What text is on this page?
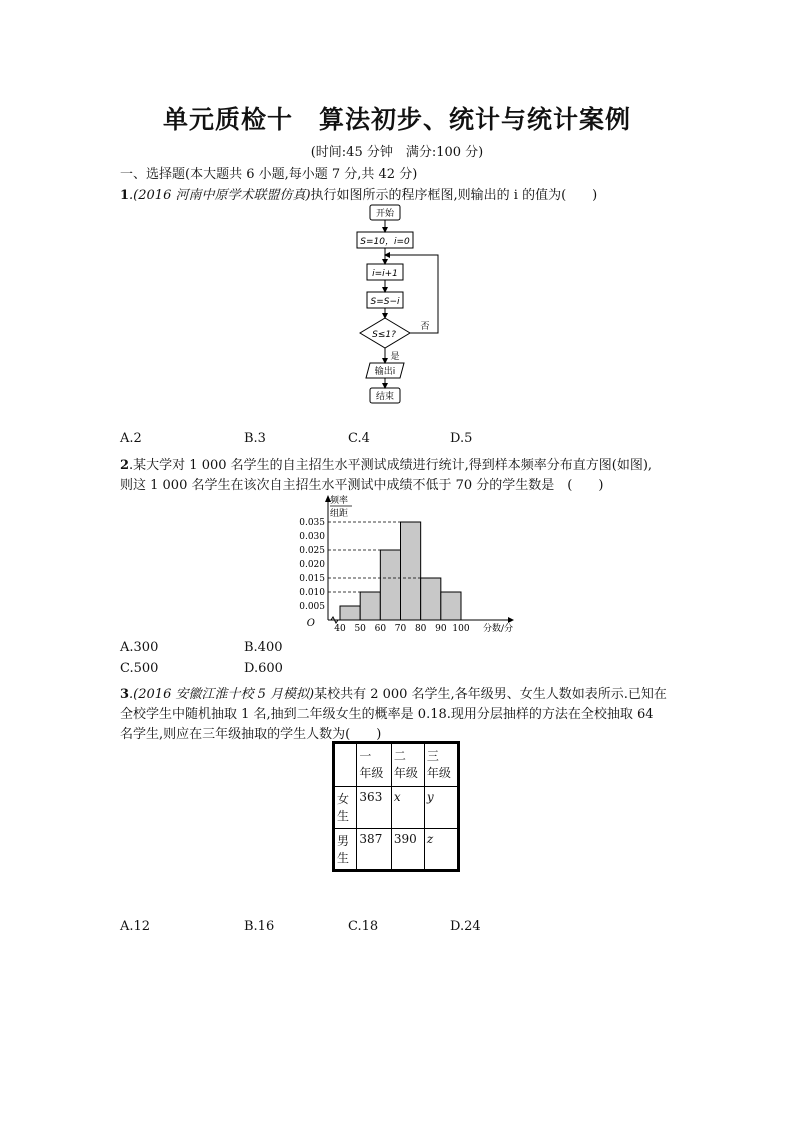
单元质检十　算法初步、统计与统计案例
(时间:45 分钟　满分:100 分)
一、选择题(本大题共 6 小题,每小题 7 分,共 42 分)
1.(2016 河南中原学术联盟仿真)执行如图所示的程序框图,则输出的 i 的值为(　　)
开始
S=10，i=0
i=i+1
S=S−i
S≤1?
否
是
输出i
结束
A.2	B.3	C.4	D.5
2.某大学对 1 000 名学生的自主招生水平测试成绩进行统计,得到样本频率分布直方图(如图),
则这 1 000 名学生在该次自主招生水平测试中成绩不低于 70 分的学生数是　(　　)
0.005
0.010
0.015
0.020
0.025
0.030
0.035
40 50 60 70 80 90 100
O
频率
组距
分数/分
A.300	B.400
C.500	D.600
3.(2016 安徽江淮十校 5 月模拟)某校共有 2 000 名学生,各年级男、女生人数如表所示.已知在
全校学生中随机抽取 1 名,抽到二年级女生的概率是 0.18.现用分层抽样的方法在全校抽取 64
名学生,则应在三年级抽取的学生人数为(　　)
	一　年级	二　年级	三　年级
女生	363	x	y
男生	387	390	z
A.12	B.16	C.18	D.24
